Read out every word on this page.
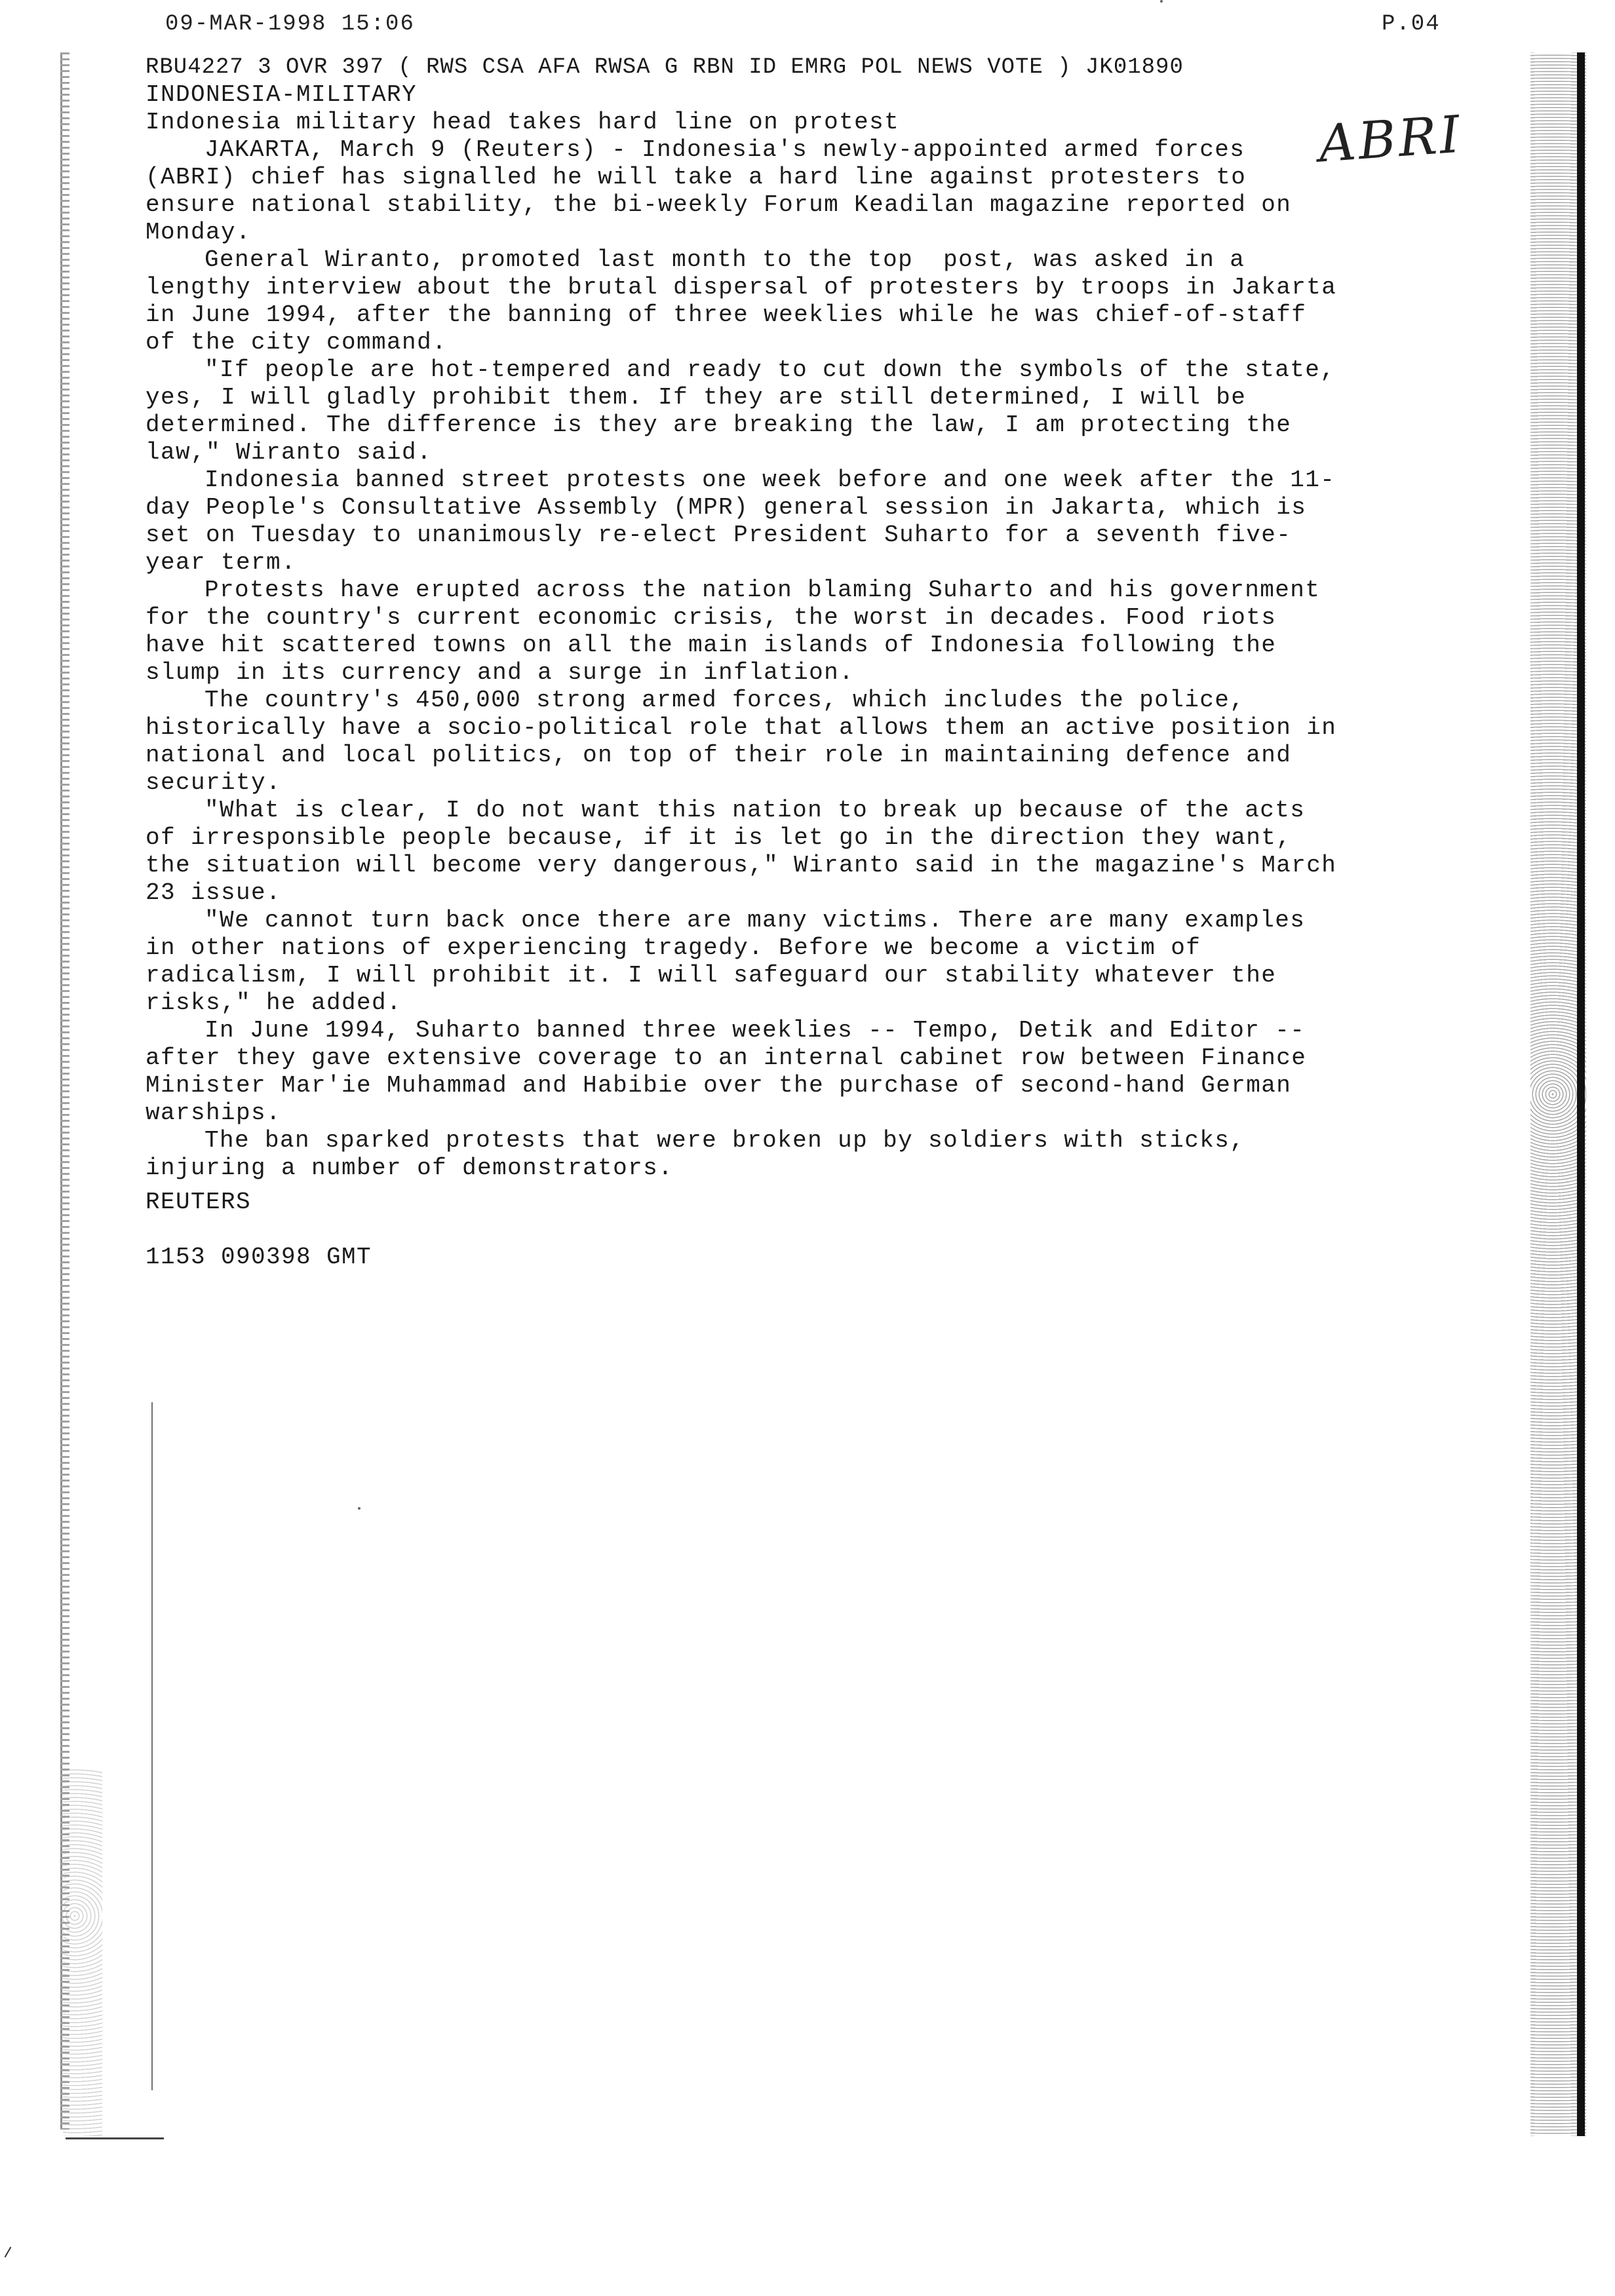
09-MAR-1998 15:06	P.04
ABRI

RBU4227 3 OVR 397 ( RWS CSA AFA RWSA G RBN ID EMRG POL NEWS VOTE ) JK01890

INDONESIA-MILITARY

Indonesia military head takes hard line on protest

JAKARTA, March 9 (Reuters) - Indonesia's newly-appointed armed forces (ABRI) chief has signalled he will take a hard line against protesters to ensure national stability, the bi-weekly Forum Keadilan magazine reported on Monday.

General Wiranto, promoted last month to the top  post, was asked in a lengthy interview about the brutal dispersal of protesters by troops in Jakarta in June 1994, after the banning of three weeklies while he was chief-of-staff of the city command.

"If people are hot-tempered and ready to cut down the symbols of the state, yes, I will gladly prohibit them. If they are still determined, I will be determined. The difference is they are breaking the law, I am protecting the law," Wiranto said.

Indonesia banned street protests one week before and one week after the 11-day People's Consultative Assembly (MPR) general session in Jakarta, which is set on Tuesday to unanimously re-elect President Suharto for a seventh five-year term.

Protests have erupted across the nation blaming Suharto and his government for the country's current economic crisis, the worst in decades. Food riots have hit scattered towns on all the main islands of Indonesia following the slump in its currency and a surge in inflation.

The country's 450,000 strong armed forces, which includes the police, historically have a socio-political role that allows them an active position in national and local politics, on top of their role in maintaining defence and security.

"What is clear, I do not want this nation to break up because of the acts of irresponsible people because, if it is let go in the direction they want, the situation will become very dangerous," Wiranto said in the magazine's March 23 issue.

"We cannot turn back once there are many victims. There are many examples in other nations of experiencing tragedy. Before we become a victim of radicalism, I will prohibit it. I will safeguard our stability whatever the risks," he added.

In June 1994, Suharto banned three weeklies -- Tempo, Detik and Editor -- after they gave extensive coverage to an internal cabinet row between Finance Minister Mar'ie Muhammad and Habibie over the purchase of second-hand German warships.

The ban sparked protests that were broken up by soldiers with sticks, injuring a number of demonstrators.

REUTERS

1153 090398 GMT
